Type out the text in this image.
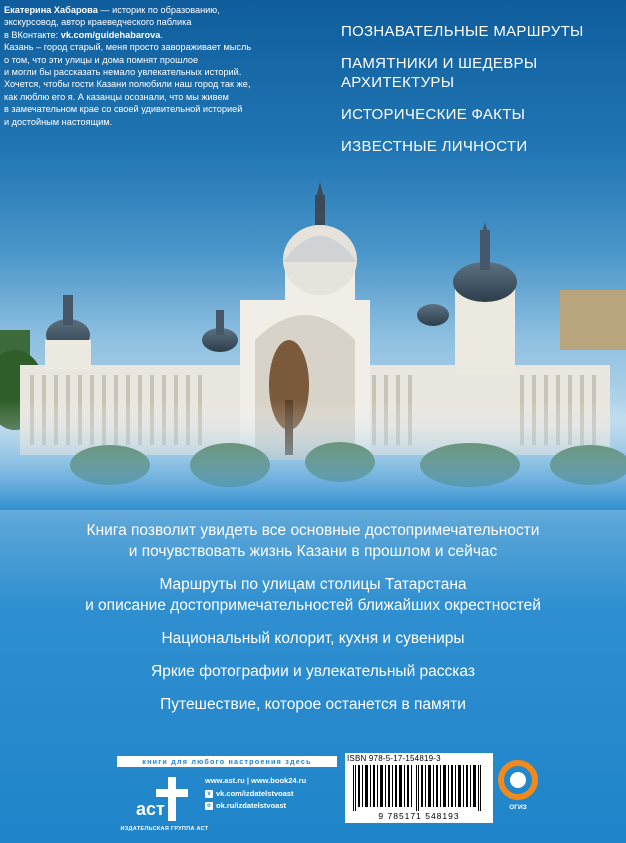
Екатерина Хабарова — историк по образованию,
экскурсовод, автор краеведческого паблика
в ВКонтакте: vk.com/guidehabarova.
Казань – город старый, меня просто завораживает мысль
о том, что эти улицы и дома помнят прошлое
и могли бы рассказать немало увлекательных историй.
Хочется, чтобы гости Казани полюбили наш город так же,
как люблю его я. А казанцы осознали, что мы живем
в замечательном крае со своей удивительной историей
и достойным настоящим.
ПОЗНАВАТЕЛЬНЫЕ МАРШРУТЫ
ПАМЯТНИКИ И ШЕДЕВРЫ АРХИТЕКТУРЫ
ИСТОРИЧЕСКИЕ ФАКТЫ
ИЗВЕСТНЫЕ ЛИЧНОСТИ
Книга позволит увидеть все основные достопримечательности
и почувствовать жизнь Казани в прошлом и сейчас
Маршруты по улицам столицы Татарстана
и описание достопримечательностей ближайших окрестностей
Национальный колорит, кухня и сувениры
Яркие фотографии и увлекательный рассказ
Путешествие, которое останется в памяти
книги для любого настроения здесь
аст
ИЗДАТЕЛЬСКАЯ ГРУППА АСТ
www.ast.ru | www.book24.ru
v vk.com/izdatelstvoast
o ok.ru/izdatelstvoast
ISBN 978-5-17-154819-3
9 785171 548193
ОГИЗ
